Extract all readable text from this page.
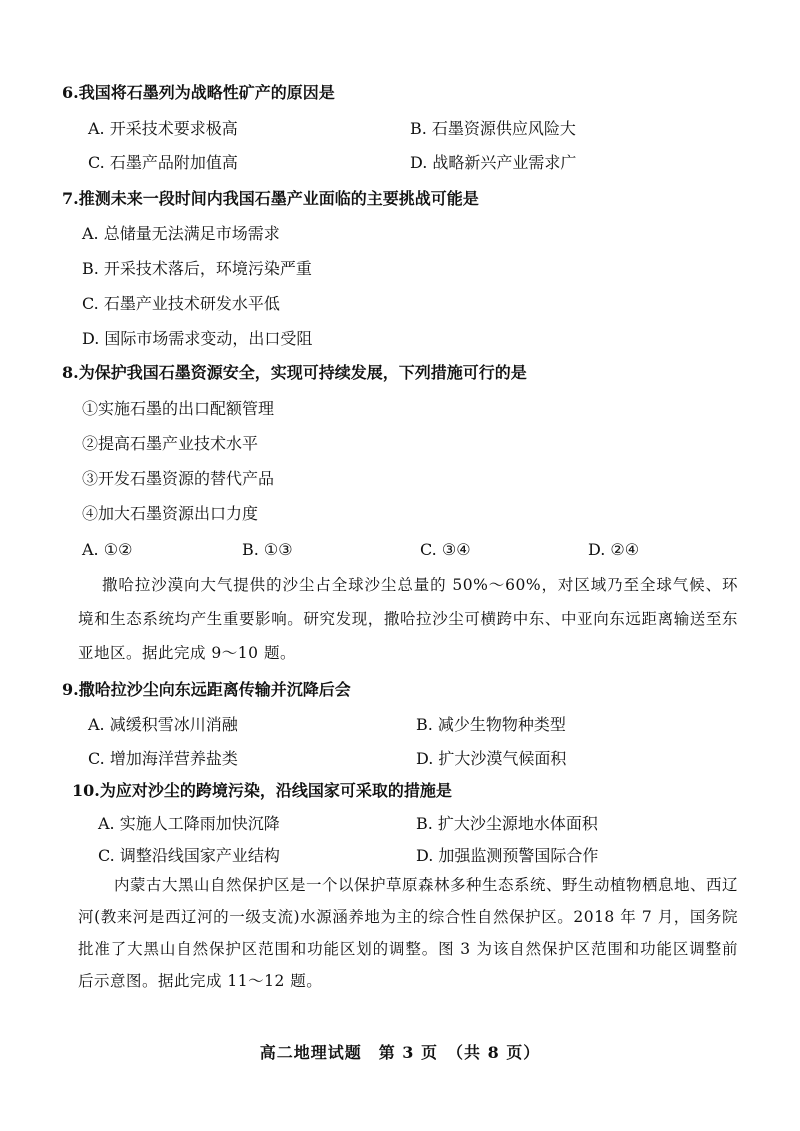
6.我国将石墨列为战略性矿产的原因是
A. 开采技术要求极高	B. 石墨资源供应风险大
C. 石墨产品附加值高	D. 战略新兴产业需求广
7.推测未来一段时间内我国石墨产业面临的主要挑战可能是
A. 总储量无法满足市场需求
B. 开采技术落后，环境污染严重
C. 石墨产业技术研发水平低
D. 国际市场需求变动，出口受阻
8.为保护我国石墨资源安全，实现可持续发展，下列措施可行的是
①实施石墨的出口配额管理
②提高石墨产业技术水平
③开发石墨资源的替代产品
④加大石墨资源出口力度
A. ①②	B. ①③	C. ③④	D. ②④
撒哈拉沙漠向大气提供的沙尘占全球沙尘总量的 50%～60%，对区域乃至全球气候、环境和生态系统均产生重要影响。研究发现，撒哈拉沙尘可横跨中东、中亚向东远距离输送至东亚地区。据此完成 9～10 题。
9.撒哈拉沙尘向东远距离传输并沉降后会
A. 减缓积雪冰川消融	B. 减少生物物种类型
C. 增加海洋营养盐类	D. 扩大沙漠气候面积
10.为应对沙尘的跨境污染，沿线国家可采取的措施是
A. 实施人工降雨加快沉降	B. 扩大沙尘源地水体面积
C. 调整沿线国家产业结构	D. 加强监测预警国际合作
内蒙古大黑山自然保护区是一个以保护草原森林多种生态系统、野生动植物栖息地、西辽河(教来河是西辽河的一级支流)水源涵养地为主的综合性自然保护区。2018 年 7 月，国务院批准了大黑山自然保护区范围和功能区划的调整。图 3 为该自然保护区范围和功能区调整前后示意图。据此完成 11～12 题。
高二地理试题　第 3 页　（共 8 页）
